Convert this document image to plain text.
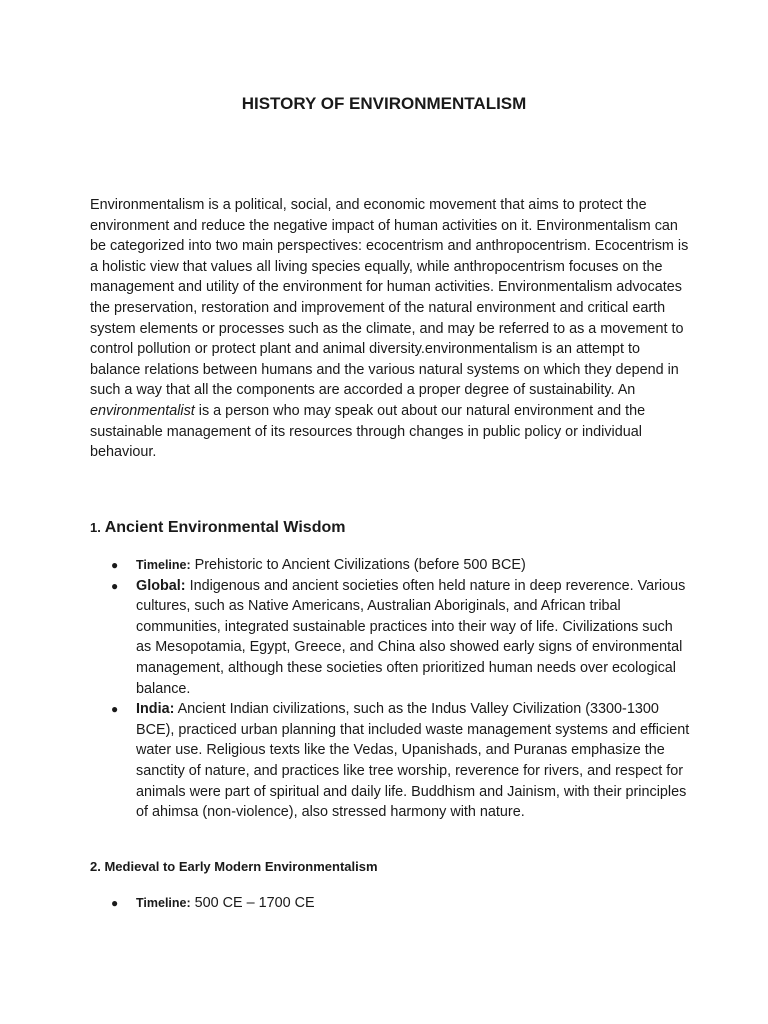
HISTORY OF ENVIRONMENTALISM

Environmentalism is a political, social, and economic movement that aims to protect the environment and reduce the negative impact of human activities on it. Environmentalism can be categorized into two main perspectives: ecocentrism and anthropocentrism. Ecocentrism is a holistic view that values all living species equally, while anthropocentrism focuses on the management and utility of the environment for human activities. Environmentalism advocates the preservation, restoration and improvement of the natural environment and critical earth system elements or processes such as the climate, and may be referred to as a movement to control pollution or protect plant and animal diversity.environmentalism is an attempt to balance relations between humans and the various natural systems on which they depend in such a way that all the components are accorded a proper degree of sustainability. An environmentalist is a person who may speak out about our natural environment and the sustainable management of its resources through changes in public policy or individual behaviour.

1. Ancient Environmental Wisdom
● Timeline: Prehistoric to Ancient Civilizations (before 500 BCE)
● Global: Indigenous and ancient societies often held nature in deep reverence. Various cultures, such as Native Americans, Australian Aboriginals, and African tribal communities, integrated sustainable practices into their way of life. Civilizations such as Mesopotamia, Egypt, Greece, and China also showed early signs of environmental management, although these societies often prioritized human needs over ecological balance.
● India: Ancient Indian civilizations, such as the Indus Valley Civilization (3300-1300 BCE), practiced urban planning that included waste management systems and efficient water use. Religious texts like the Vedas, Upanishads, and Puranas emphasize the sanctity of nature, and practices like tree worship, reverence for rivers, and respect for animals were part of spiritual and daily life. Buddhism and Jainism, with their principles of ahimsa (non-violence), also stressed harmony with nature.
2. Medieval to Early Modern Environmentalism
● Timeline: 500 CE – 1700 CE
